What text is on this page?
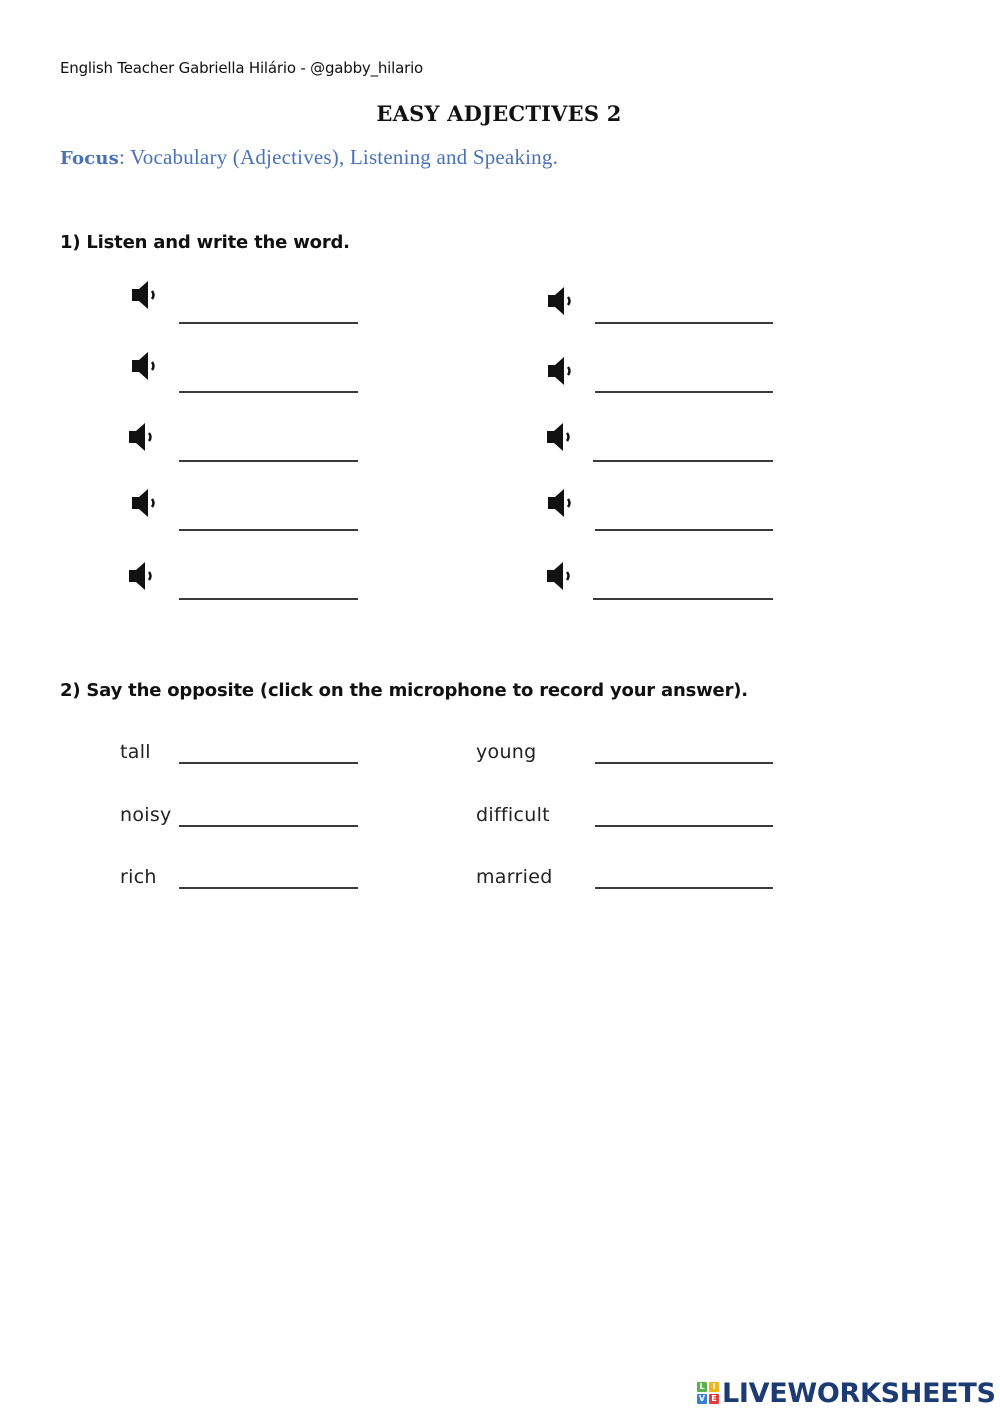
English Teacher Gabriella Hilário - @gabby_hilario
EASY ADJECTIVES 2
Focus: Vocabulary (Adjectives), Listening and Speaking.
1) Listen and write the word.
2) Say the opposite (click on the microphone to record your answer).
tall	young
noisy	difficult
rich	married
L I
V E LIVEWORKSHEETS
